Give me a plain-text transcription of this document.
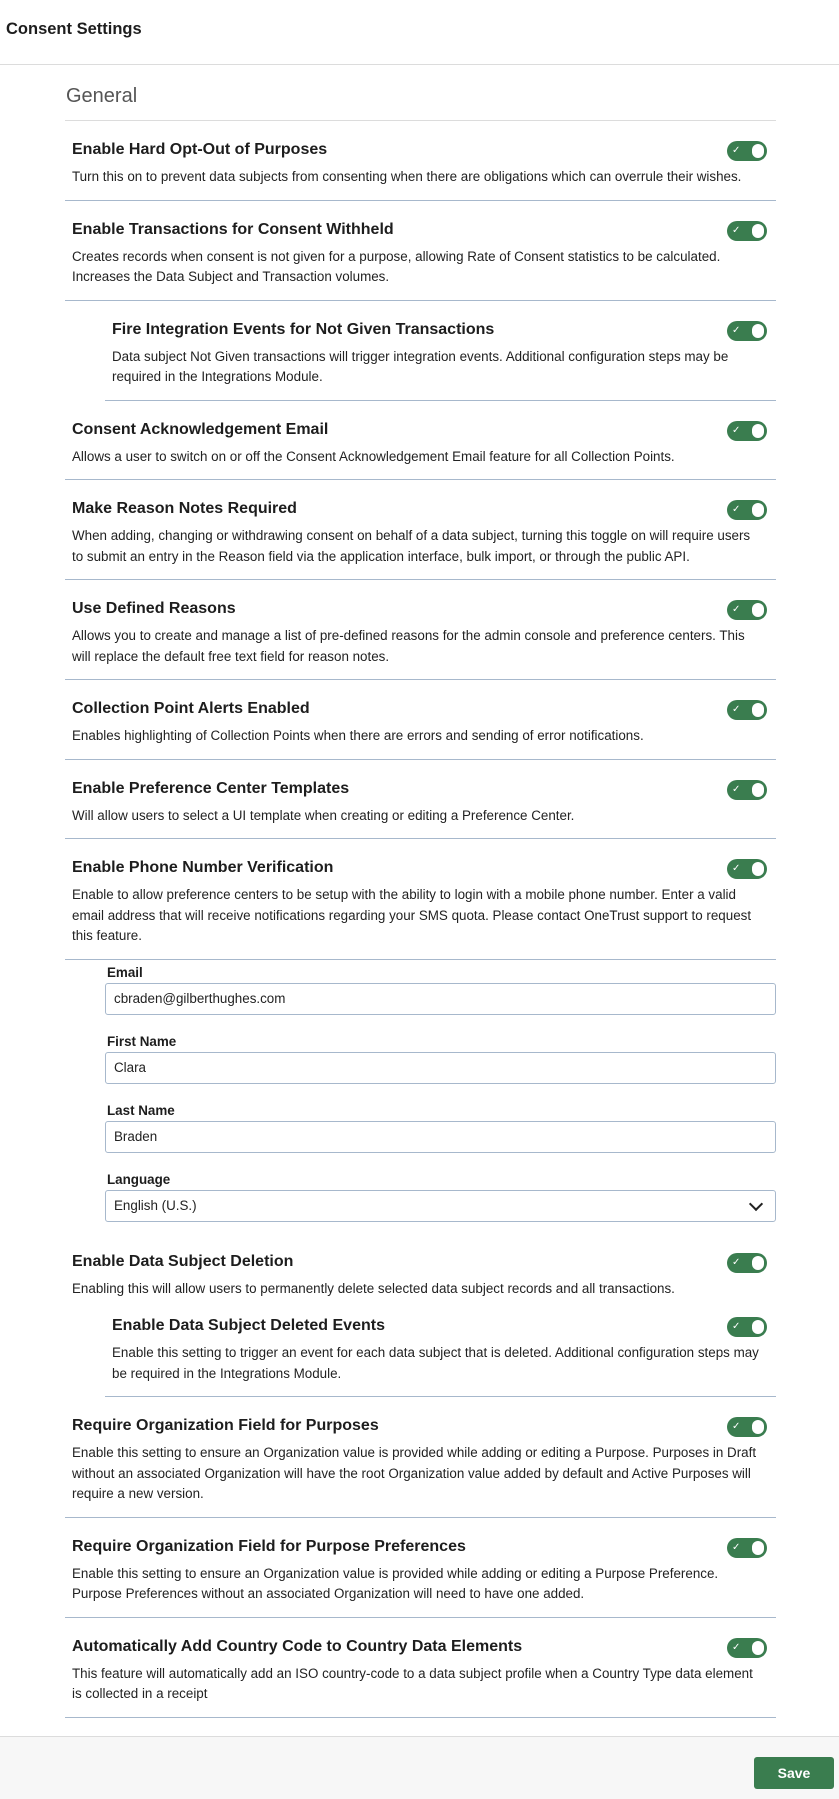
Consent Settings
General
Enable Hard Opt-Out of Purposes
Turn this on to prevent data subjects from consenting when there are obligations which can overrule their wishes.
✓
Enable Transactions for Consent Withheld
Creates records when consent is not given for a purpose, allowing Rate of Consent statistics to be calculated. Increases the Data Subject and Transaction volumes.
✓
Fire Integration Events for Not Given Transactions
Data subject Not Given transactions will trigger integration events. Additional configuration steps may be required in the Integrations Module.
✓
Consent Acknowledgement Email
Allows a user to switch on or off the Consent Acknowledgement Email feature for all Collection Points.
✓
Make Reason Notes Required
When adding, changing or withdrawing consent on behalf of a data subject, turning this toggle on will require users to submit an entry in the Reason field via the application interface, bulk import, or through the public API.
✓
Use Defined Reasons
Allows you to create and manage a list of pre-defined reasons for the admin console and preference centers. This will replace the default free text field for reason notes.
✓
Collection Point Alerts Enabled
Enables highlighting of Collection Points when there are errors and sending of error notifications.
✓
Enable Preference Center Templates
Will allow users to select a UI template when creating or editing a Preference Center.
✓
Enable Phone Number Verification
Enable to allow preference centers to be setup with the ability to login with a mobile phone number. Enter a valid email address that will receive notifications regarding your SMS quota. Please contact OneTrust support to request this feature.
✓
Email
cbraden@gilberthughes.com
First Name
Clara
Last Name
Braden
Language
English (U.S.)
Enable Data Subject Deletion
Enabling this will allow users to permanently delete selected data subject records and all transactions.
✓
Enable Data Subject Deleted Events
Enable this setting to trigger an event for each data subject that is deleted. Additional configuration steps may be required in the Integrations Module.
✓
Require Organization Field for Purposes
Enable this setting to ensure an Organization value is provided while adding or editing a Purpose. Purposes in Draft without an associated Organization will have the root Organization value added by default and Active Purposes will require a new version.
✓
Require Organization Field for Purpose Preferences
Enable this setting to ensure an Organization value is provided while adding or editing a Purpose Preference. Purpose Preferences without an associated Organization will need to have one added.
✓
Automatically Add Country Code to Country Data Elements
This feature will automatically add an ISO country-code to a data subject profile when a Country Type data element is collected in a receipt
✓
Save
